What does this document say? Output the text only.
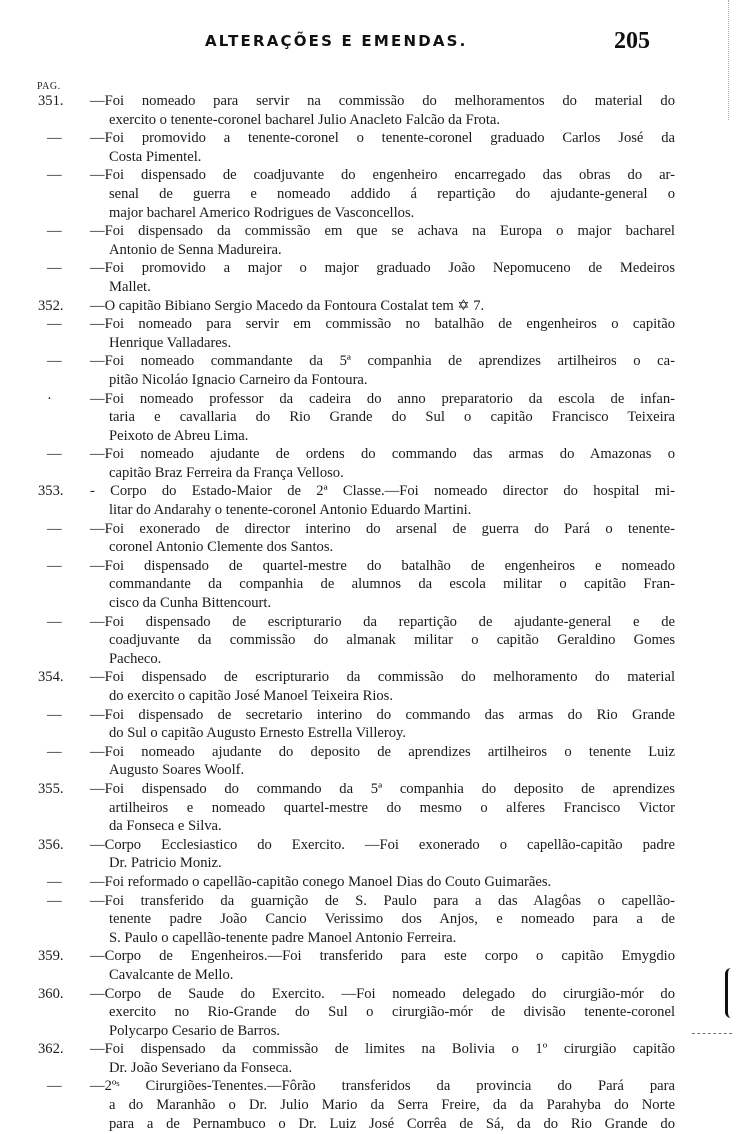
ALTERAÇÕES E EMENDAS.	205
PAG.
351. —Foi nomeado para servir na commissão do melhoramentos do material do
exercito o tenente-coronel bacharel Julio Anacleto Falcão da Frota.
— —Foi promovido a tenente-coronel o tenente-coronel graduado Carlos José da
Costa Pimentel.
— —Foi dispensado de coadjuvante do engenheiro encarregado das obras do ar-
senal de guerra e nomeado addido á repartição do ajudante-general o
major bacharel Americo Rodrigues de Vasconcellos.
— —Foi dispensado da commissão em que se achava na Europa o major bacharel
Antonio de Senna Madureira.
— —Foi promovido a major o major graduado João Nepomuceno de Medeiros
Mallet.
352. —O capitão Bibiano Sergio Macedo da Fontoura Costalat tem ✡ 7.
— —Foi nomeado para servir em commissão no batalhão de engenheiros o capitão
Henrique Valladares.
— —Foi nomeado commandante da 5ª companhia de aprendizes artilheiros o ca-
pitão Nicoláo Ignacio Carneiro da Fontoura.
·	—Foi nomeado professor da cadeira do anno preparatorio da escola de infan-
taria e cavallaria do Rio Grande do Sul o capitão Francisco Teixeira
Peixoto de Abreu Lima.
— —Foi nomeado ajudante de ordens do commando das armas do Amazonas o
capitão Braz Ferreira da França Velloso.
353. - Corpo do Estado-Maior de 2ª Classe.—Foi nomeado director do hospital mi-
litar do Andarahy o tenente-coronel Antonio Eduardo Martini.
— —Foi exonerado de director interino do arsenal de guerra do Pará o tenente-
coronel Antonio Clemente dos Santos.
— —Foi dispensado de quartel-mestre do batalhão de engenheiros e nomeado
commandante da companhia de alumnos da escola militar o capitão Fran-
cisco da Cunha Bittencourt.
— —Foi dispensado de escripturario da repartição de ajudante-general e de
coadjuvante da commissão do almanak militar o capitão Geraldino Gomes
Pacheco.
354. —Foi dispensado de escripturario da commissão do melhoramento do material
do exercito o capitão José Manoel Teixeira Rios.
— —Foi dispensado de secretario interino do commando das armas do Rio Grande
do Sul o capitão Augusto Ernesto Estrella Villeroy.
— —Foi nomeado ajudante do deposito de aprendizes artilheiros o tenente Luiz
Augusto Soares Woolf.
355. —Foi dispensado do commando da 5ª companhia do deposito de aprendizes
artilheiros e nomeado quartel-mestre do mesmo o alferes Francisco Victor
da Fonseca e Silva.
356. —Corpo Ecclesiastico do Exercito. —Foi exonerado o capellão-capitão padre
Dr. Patricio Moniz.
— —Foi reformado o capellão-capitão conego Manoel Dias do Couto Guimarães.
— —Foi transferido da guarnição de S. Paulo para a das Alagôas o capellão-
tenente padre João Cancio Verissimo dos Anjos, e nomeado para a de
S. Paulo o capellão-tenente padre Manoel Antonio Ferreira.
359. —Corpo de Engenheiros.—Foi transferido para este corpo o capitão Emygdio
Cavalcante de Mello.
360. —Corpo de Saude do Exercito. —Foi nomeado delegado do cirurgião-mór do
exercito no Rio-Grande do Sul o cirurgião-mór de divisão tenente-coronel
Polycarpo Cesario de Barros.
362. —Foi dispensado da commissão de limites na Bolivia o 1º cirurgião capitão
Dr. João Severiano da Fonseca.
— —2ºˢ Cirurgiões-Tenentes.—Fôrão transferidos da provincia do Pará para
a do Maranhão o Dr. Julio Mario da Serra Freire, da da Parahyba do Norte
para a de Pernambuco o Dr. Luiz José Corrêa de Sá, da do Rio Grande do
